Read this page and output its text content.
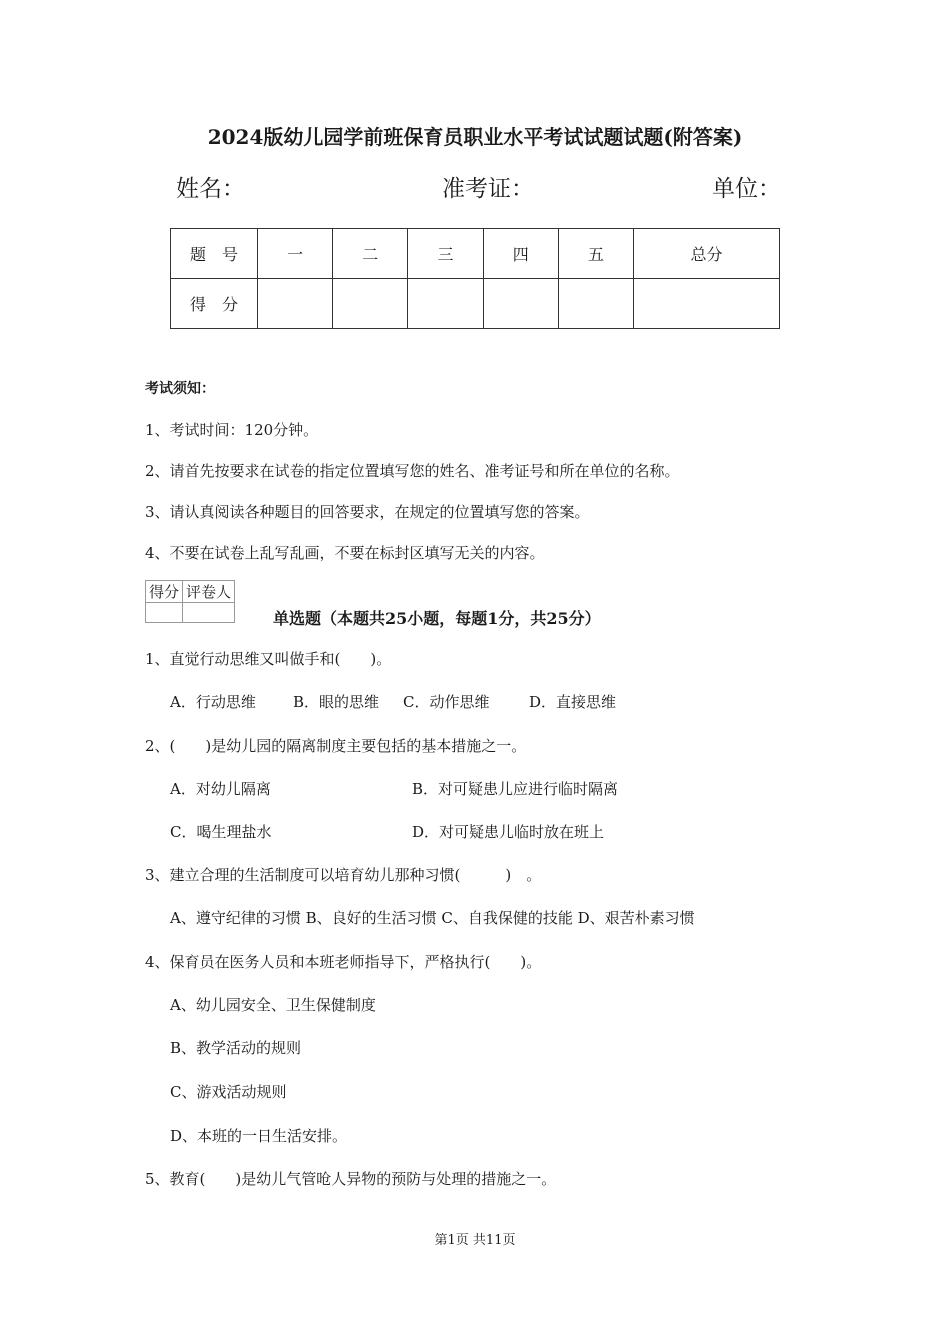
2024版幼儿园学前班保育员职业水平考试试题试题(附答案)
姓名：	准考证：	单位：
题　号	一	二	三	四	五	总分
得　分						
考试须知：
1、考试时间：120分钟。
2、请首先按要求在试卷的指定位置填写您的姓名、准考证号和所在单位的名称。
3、请认真阅读各种题目的回答要求，在规定的位置填写您的答案。
4、不要在试卷上乱写乱画，不要在标封区填写无关的内容。
得分	评卷人

单选题（本题共25小题，每题1分，共25分）
1、直觉行动思维又叫做手和(　　)。
A．行动思维 B．眼的思维 C．动作思维	D．直接思维
2、(　　)是幼儿园的隔离制度主要包括的基本措施之一。
A．对幼儿隔离	B．对可疑患儿应进行临时隔离
C．喝生理盐水	D．对可疑患儿临时放在班上
3、建立合理的生活制度可以培育幼儿那种习惯(　　　)　。
A、遵守纪律的习惯 B、良好的生活习惯 C、自我保健的技能 D、艰苦朴素习惯
4、保育员在医务人员和本班老师指导下，严格执行(　　)。
A、幼儿园安全、卫生保健制度
B、教学活动的规则
C、游戏活动规则
D、本班的一日生活安排。
5、教育(　　)是幼儿气管呛人异物的预防与处理的措施之一。
第1页 共11页
